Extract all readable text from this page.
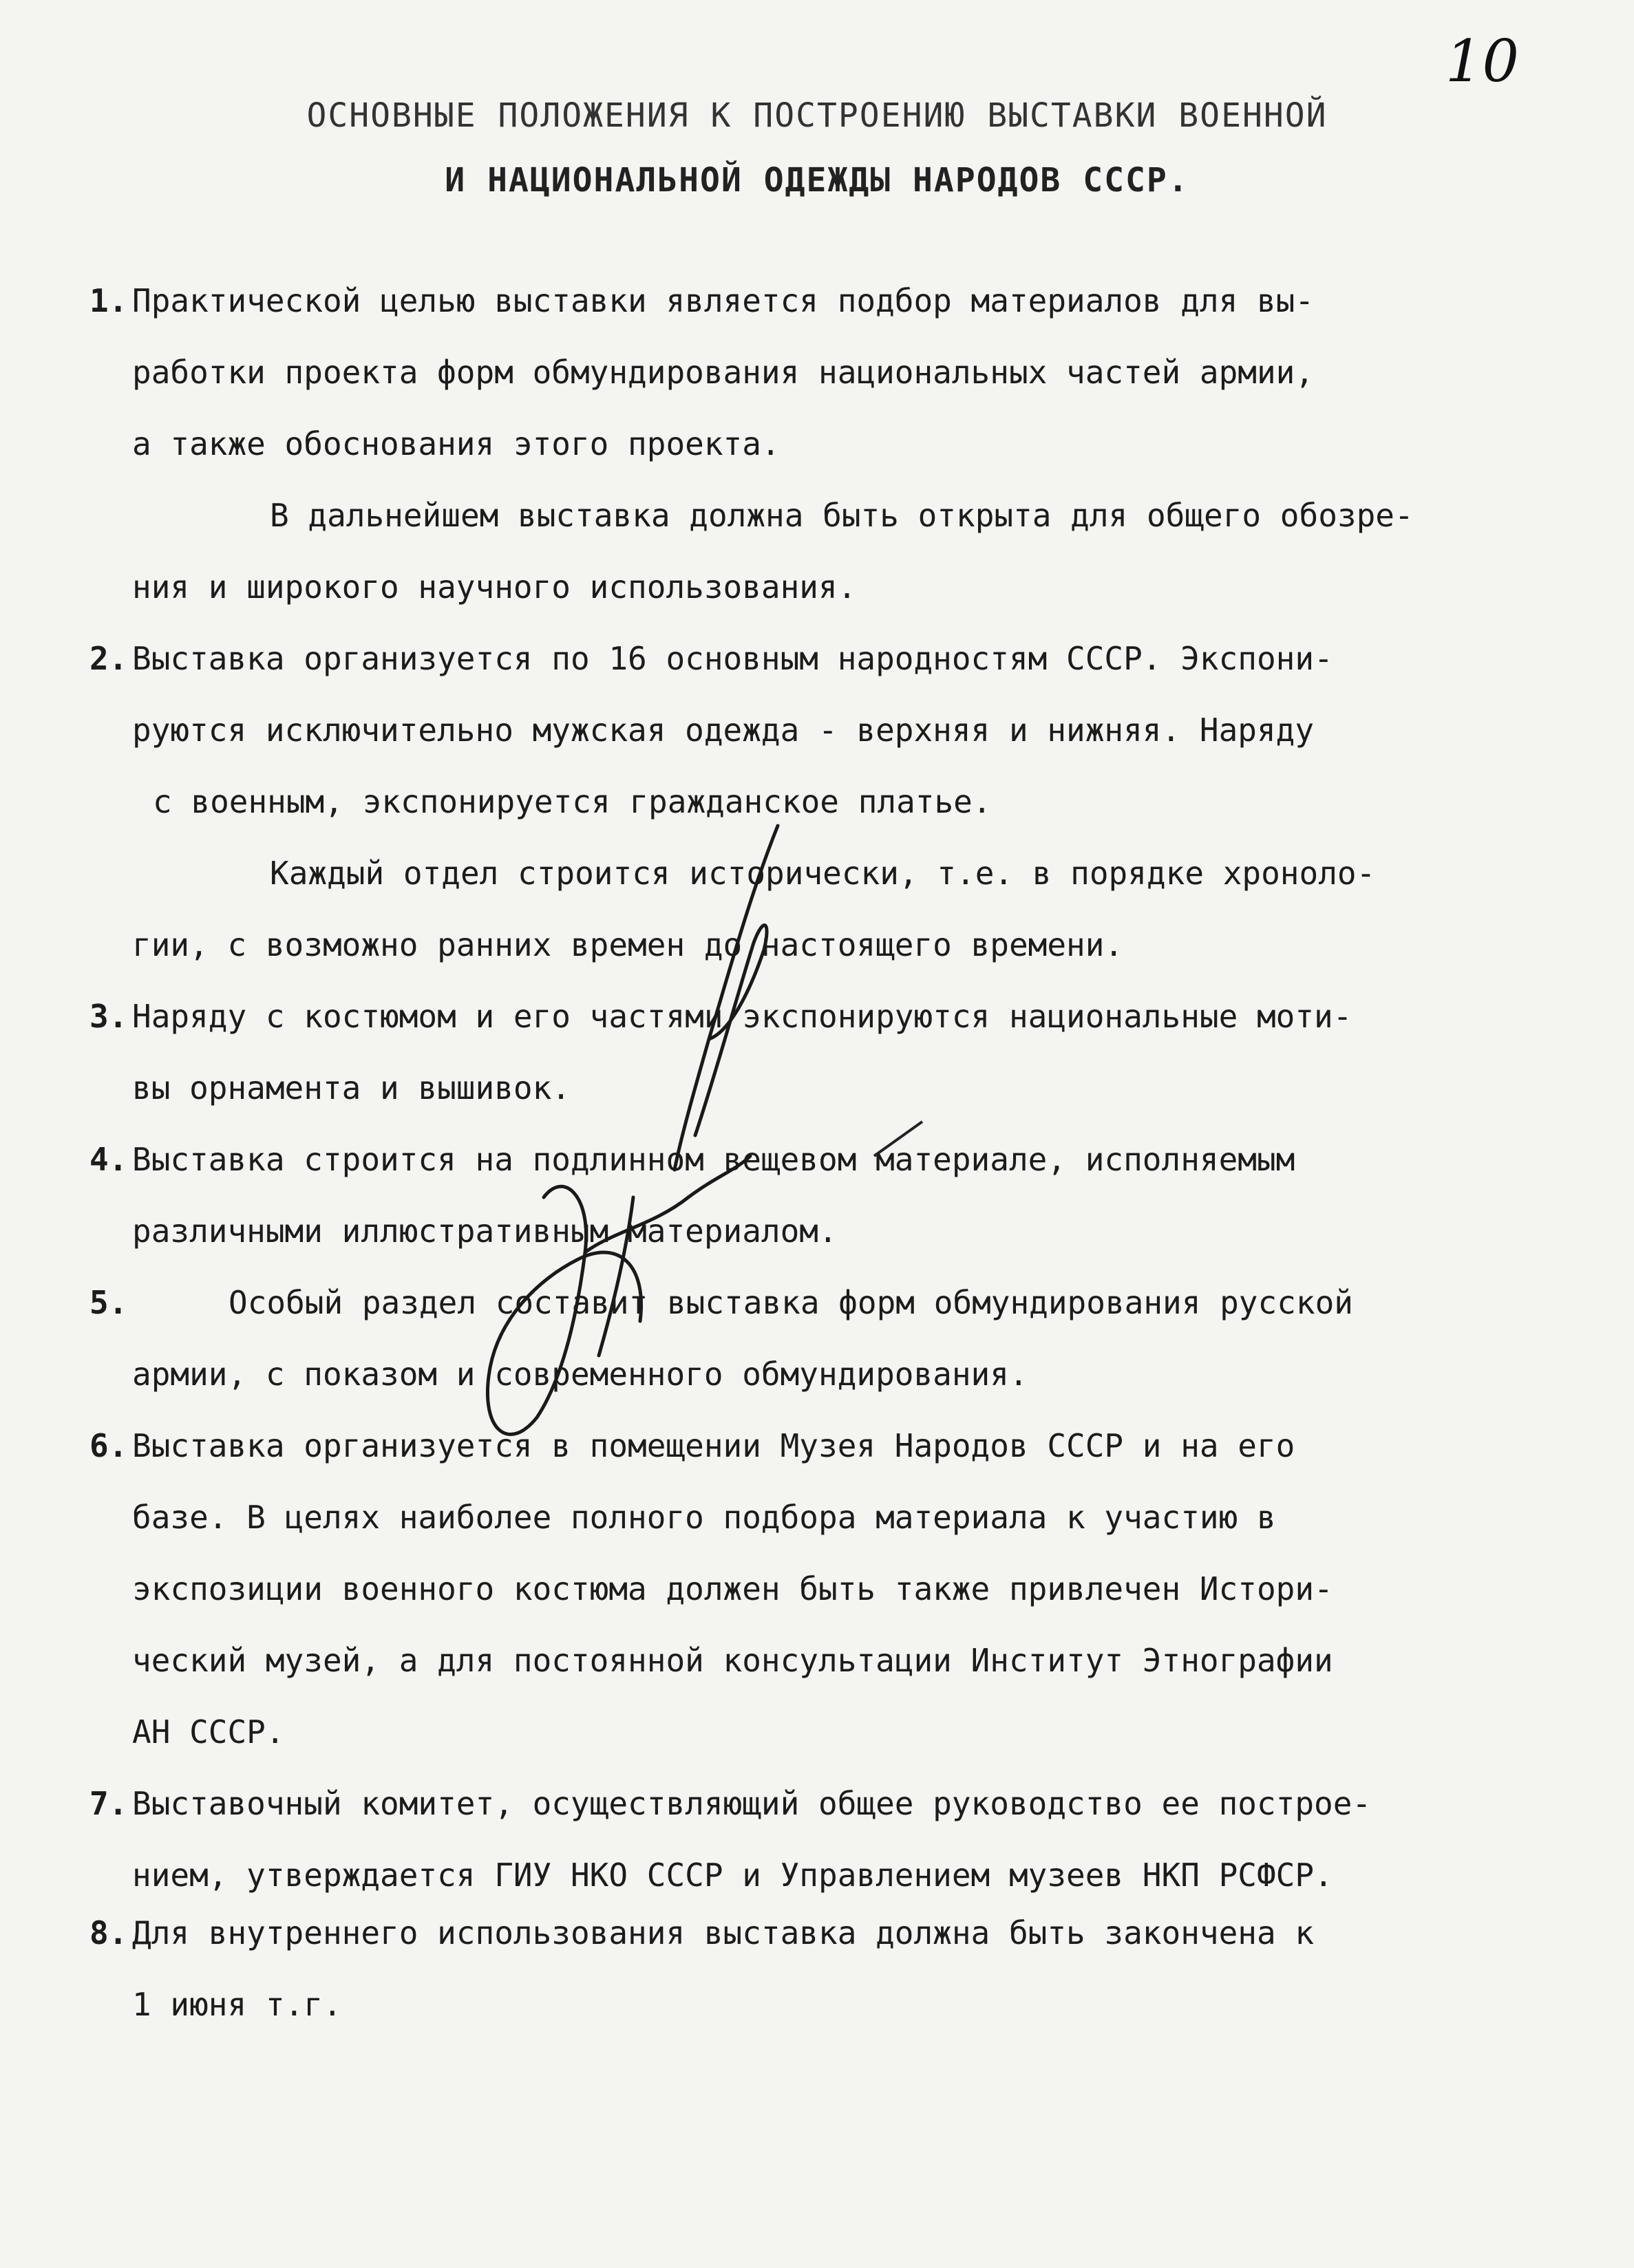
10
ОСНОВНЫЕ ПОЛОЖЕНИЯ К ПОСТРОЕНИЮ ВЫСТАВКИ ВОЕННОЙ
И НАЦИОНАЛЬНОЙ ОДЕЖДЫ НАРОДОВ СССР.
1. Практической целью выставки является подбор материалов для вы-
работки проекта форм обмундирования национальных частей армии,
а также обоснования этого проекта.
В дальнейшем выставка должна быть открыта для общего обозре-
ния и широкого научного использования.
2. Выставка организуется по 16 основным народностям СССР. Экспони-
руются исключительно мужская одежда - верхняя и нижняя. Наряду
с военным, экспонируется гражданское платье.
Каждый отдел строится исторически, т.е. в порядке хроноло-
гии, с возможно ранних времен до настоящего времени.
3. Наряду с костюмом и его частями экспонируются национальные моти-
вы орнамента и вышивок.
4. Выставка строится на подлинном вещевом материале, исполняемым
различными иллюстративным материалом.
5.	Особый раздел составит выставка форм обмундирования русской
армии, с показом и современного обмундирования.
6. Выставка организуется в помещении Музея Народов СССР и на его
базе. В целях наиболее полного подбора материала к участию в
экспозиции военного костюма должен быть также привлечен Истори-
ческий музей, а для постоянной консультации Институт Этнографии
АН СССР.
7. Выставочный комитет, осуществляющий общее руководство ее построе-
нием, утверждается ГИУ НКО СССР и Управлением музеев НКП РСФСР.
8. Для внутреннего использования выставка должна быть закончена к
1 июня т.г.
